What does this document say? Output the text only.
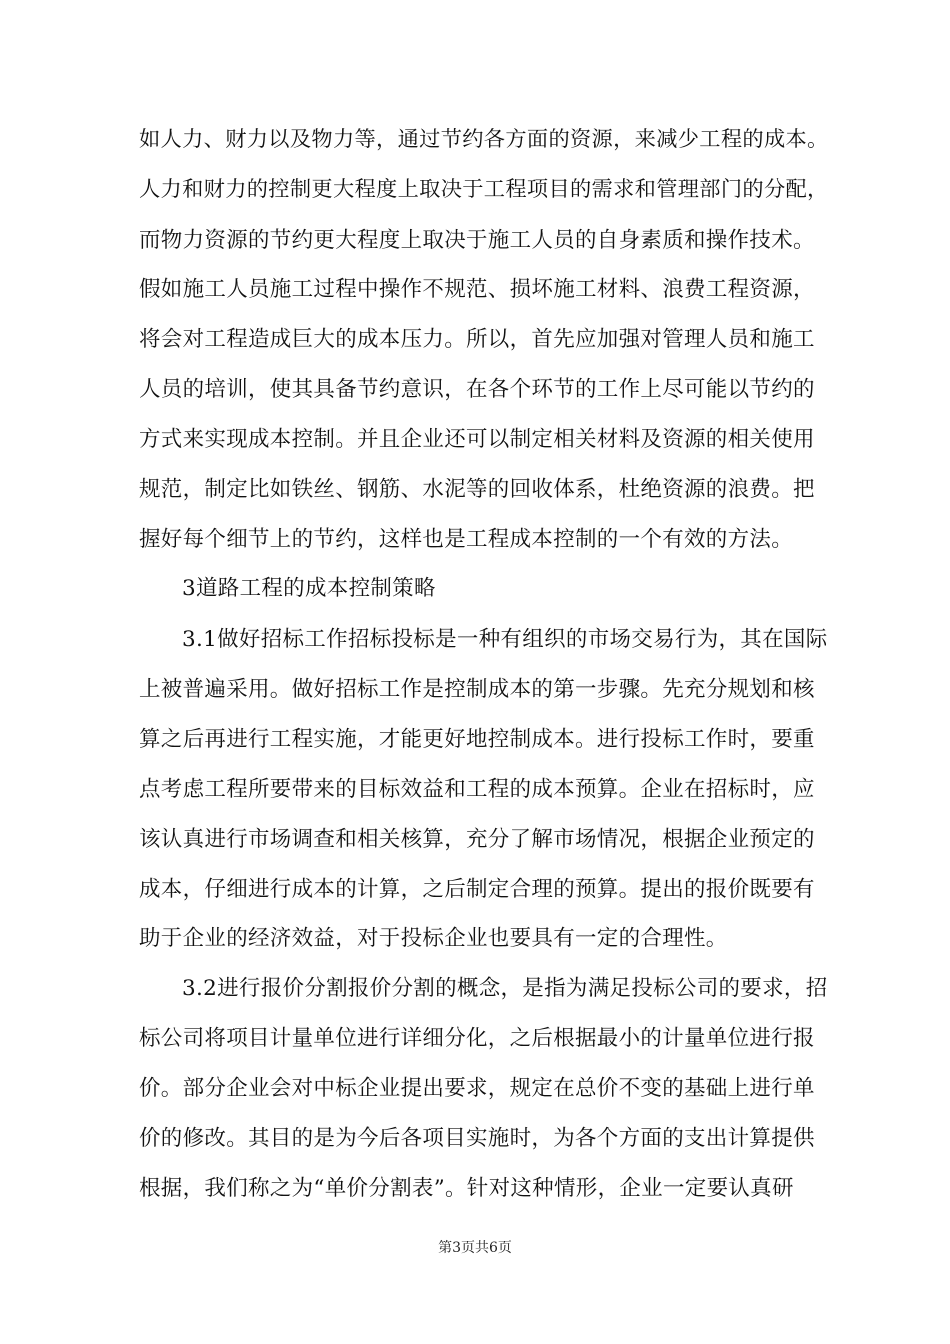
如人力、财力以及物力等，通过节约各方面的资源，来减少工程的成本。
人力和财力的控制更大程度上取决于工程项目的需求和管理部门的分配，
而物力资源的节约更大程度上取决于施工人员的自身素质和操作技术。
假如施工人员施工过程中操作不规范、损坏施工材料、浪费工程资源，
将会对工程造成巨大的成本压力。所以，首先应加强对管理人员和施工
人员的培训，使其具备节约意识，在各个环节的工作上尽可能以节约的
方式来实现成本控制。并且企业还可以制定相关材料及资源的相关使用
规范，制定比如铁丝、钢筋、水泥等的回收体系，杜绝资源的浪费。把
握好每个细节上的节约，这样也是工程成本控制的一个有效的方法。
3道路工程的成本控制策略
3.1做好招标工作招标投标是一种有组织的市场交易行为，其在国际
上被普遍采用。做好招标工作是控制成本的第一步骤。先充分规划和核
算之后再进行工程实施，才能更好地控制成本。进行投标工作时，要重
点考虑工程所要带来的目标效益和工程的成本预算。企业在招标时，应
该认真进行市场调查和相关核算，充分了解市场情况，根据企业预定的
成本，仔细进行成本的计算，之后制定合理的预算。提出的报价既要有
助于企业的经济效益，对于投标企业也要具有一定的合理性。
3.2进行报价分割报价分割的概念，是指为满足投标公司的要求，招
标公司将项目计量单位进行详细分化，之后根据最小的计量单位进行报
价。部分企业会对中标企业提出要求，规定在总价不变的基础上进行单
价的修改。其目的是为今后各项目实施时，为各个方面的支出计算提供
根据，我们称之为“单价分割表”。针对这种情形，企业一定要认真研
第3页共6页
